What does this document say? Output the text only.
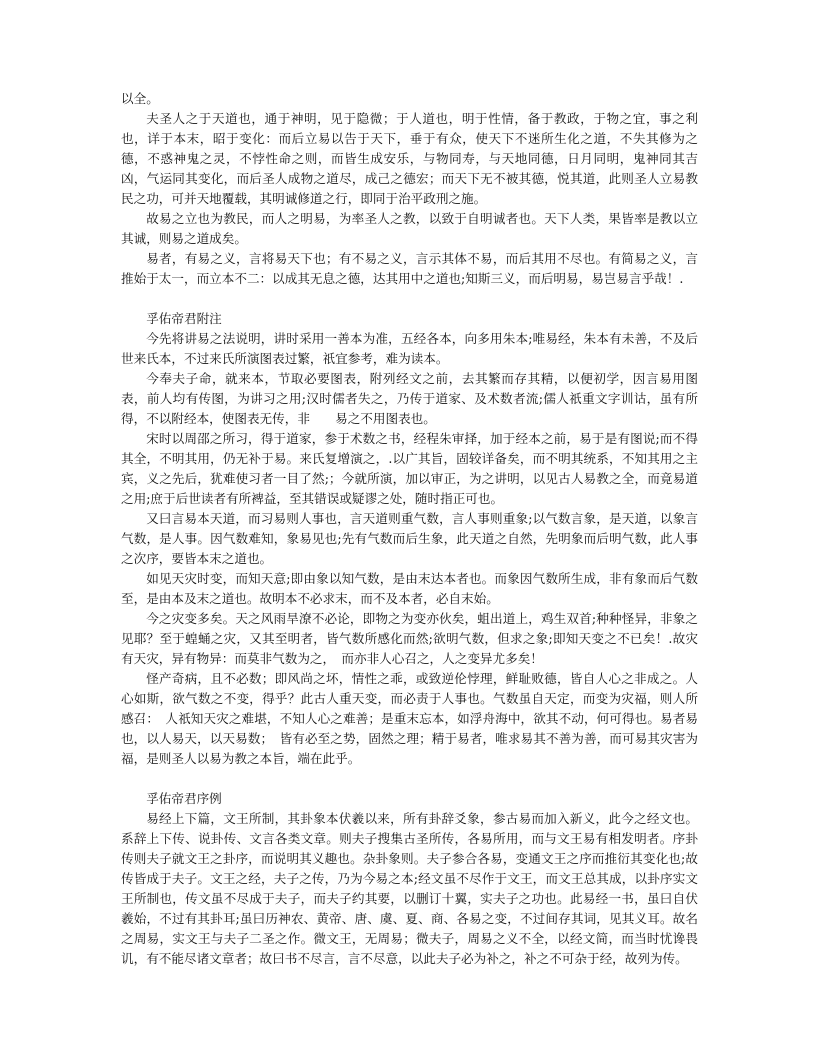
以全。

夫圣人之于天道也，通于神明，见于隐微；于人道也，明于性情，备于教政，于物之宜，事之利也，详于本末，昭于变化：而后立易以告于天下，垂于有众，使天下不迷所生化之道，不失其修为之德，不惑神鬼之灵，不悖性命之则，而皆生成安乐，与物同寿，与天地同德，日月同明，鬼神同其吉凶，气运同其变化，而后圣人成物之道尽，成己之德宏；而天下无不被其德，悦其道，此则圣人立易教民之功，可并天地覆载，其明诚修道之行，即同于治平政刑之施。

故易之立也为教民，而人之明易，为率圣人之教，以致于自明诚者也。天下人类，果皆率是教以立其诚，则易之道成矣。

易者，有易之义，言将易天下也；有不易之义，言示其体不易，而后其用不尽也。有简易之义，言推始于太一，而立本不二：以成其无息之德，达其用中之道也;知斯三义，而后明易，易岂易言乎哉！.

孚佑帝君附注

今先将讲易之法说明，讲时采用一善本为准，五经各本，向多用朱本;唯易经，朱本有未善，不及后世来氏本，不过来氏所演图表过繁，祇宜参考，难为读本。

今奉夫子命，就来本，节取必要图表，附列经文之前，去其繁而存其精，以便初学，因言易用图表，前人均有传图，为讲习之用;汉时儒者失之，乃传于道家、及术数者流;儒人祇重文字训诂，虽有所得，不以附经本，使图表无传，非　　易之不用图表也。

宋时以周邵之所习，得于道家，参于术数之书，经程朱审择，加于经本之前，易于是有图说;而不得其全，不明其用，仍无补于易。来氏复增演之，.以广其旨，固较详备矣，而不明其统系，不知其用之主宾，义之先后，犹难使习者一目了然;；今就所演，加以审正，为之讲明，以见古人易教之全，而竟易道之用;庶于后世读者有所裨益，至其错误或疑谬之处，随时指正可也。

又曰言易本天道，而习易则人事也，言天道则重气数，言人事则重象;以气数言象，是天道，以象言气数，是人事。因气数难知，象易见也;先有气数而后生象，此天道之自然，先明象而后明气数，此人事之次序，要皆本末之道也。

如见天灾时变，而知天意;即由象以知气数，是由末达本者也。而象因气数所生成，非有象而后气数至，是由本及末之道也。故明本不必求末，而不及本者，必自末始。

今之灾变多矣。天之风雨旱潦不必论，即物之为变亦伙矣，蛆出道上，鸡生双首;种种怪异，非象之见耶？至于蝗蛹之灾，又其至明者，皆气数所感化而然;欲明气数，但求之象;即知天变之不已矣！.故灾有天灾，异有物异：而莫非气数为之，　而亦非人心召之，人之变异尤多矣！

怪产奇病，且不必数；即风尚之坏，情性之乖，或致逆伦悖理，鲜耻败德，皆自人心之非成之。人心如斯，欲气数之不变，得乎？此古人重天变，而必责于人事也。气数虽自天定，而变为灾福，则人所感召：　人祇知天灾之难堪，不知人心之难善；是重末忘本，如浮舟海中，欲其不动，何可得也。易者易也，以人易天，以天易数；　皆有必至之势，固然之理；精于易者，唯求易其不善为善，而可易其灾害为福，是则圣人以易为教之本旨，端在此乎。

孚佑帝君序例

易经上下篇，文王所制，其卦象本伏羲以来，所有卦辞爻象，参古易而加入新义，此今之经文也。系辞上下传、说卦传、文言各类文章。则夫子搜集古圣所传，各易所用，而与文王易有相发明者。序卦传则夫子就文王之卦序，而说明其义趣也。杂卦象则。夫子参合各易，变通文王之序而推衍其变化也;故传皆成于夫子。文王之经，夫子之传，乃为今易之本;经文虽不尽作于文王，而文王总其成，以卦序实文王所制也，传文虽不尽成于夫子，而夫子约其要，以删订十翼，实夫子之功也。此易经一书，虽曰自伏羲始，不过有其卦耳;虽曰历神农、黄帝、唐、虞、夏、商、各易之变，不过间存其词，见其义耳。故名之周易，实文王与夫子二圣之作。微文王，无周易；微夫子，周易之义不全，以经文简，而当时忧谗畏讥，有不能尽诸文章者；故曰书不尽言，言不尽意，以此夫子必为补之，补之不可杂于经，故列为传。
